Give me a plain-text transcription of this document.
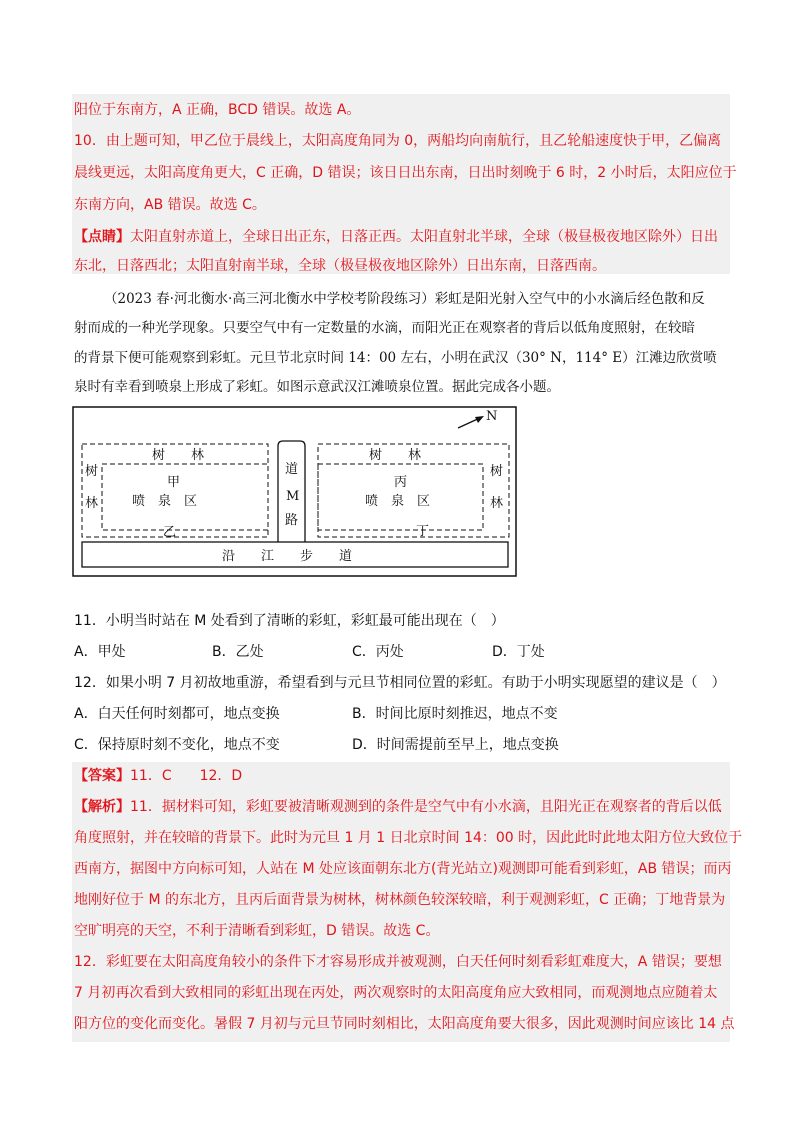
阳位于东南方，A 正确，BCD 错误。故选 A。
10．由上题可知，甲乙位于晨线上，太阳高度角同为 0，两船均向南航行，且乙轮船速度快于甲，乙偏离
晨线更远，太阳高度角更大，C 正确，D 错误；该日日出东南，日出时刻晚于 6 时，2 小时后，太阳应位于
东南方向，AB 错误。故选 C。
【点睛】太阳直射赤道上，全球日出正东，日落正西。太阳直射北半球，全球（极昼极夜地区除外）日出
东北，日落西北；太阳直射南半球，全球（极昼极夜地区除外）日出东南，日落西南。
（2023 春·河北衡水·高三河北衡水中学校考阶段练习）彩虹是阳光射入空气中的小水滴后经色散和反
射而成的一种光学现象。只要空气中有一定数量的水滴，而阳光正在观察者的背后以低角度照射，在较暗
的背景下便可能观察到彩虹。元旦节北京时间 14：00 左右，小明在武汉（30° N，114° E）江滩边欣赏喷
泉时有幸看到喷泉上形成了彩虹。如图示意武汉江滩喷泉位置。据此完成各小题。
N
树　　林
树
林
甲
喷　泉　区
乙
道
M
路
树　　林
树
林
丙
喷　泉　区
丁
沿　　江　　步　　道
11．小明当时站在 M 处看到了清晰的彩虹，彩虹最可能出现在（　）
A．甲处	B．乙处	C．丙处	D．丁处
12．如果小明 7 月初故地重游，希望看到与元旦节相同位置的彩虹。有助于小明实现愿望的建议是（　）
A．白天任何时刻都可，地点变换	B．时间比原时刻推迟，地点不变
C．保持原时刻不变化，地点不变	D．时间需提前至早上，地点变换
【答案】11．C　　12．D
【解析】11．据材料可知，彩虹要被清晰观测到的条件是空气中有小水滴，且阳光正在观察者的背后以低
角度照射，并在较暗的背景下。此时为元旦 1 月 1 日北京时间 14：00 时，因此此时此地太阳方位大致位于
西南方，据图中方向标可知，人站在 M 处应该面朝东北方(背光站立)观测即可能看到彩虹，AB 错误；而丙
地刚好位于 M 的东北方，且丙后面背景为树林，树林颜色较深较暗，利于观测彩虹，C 正确；丁地背景为
空旷明亮的天空，不利于清晰看到彩虹，D 错误。故选 C。
12．彩虹要在太阳高度角较小的条件下才容易形成并被观测，白天任何时刻看彩虹难度大，A 错误；要想
7 月初再次看到大致相同的彩虹出现在丙处，两次观察时的太阳高度角应大致相同，而观测地点应随着太
阳方位的变化而变化。暑假 7 月初与元旦节同时刻相比，太阳高度角要大很多，因此观测时间应该比 14 点
